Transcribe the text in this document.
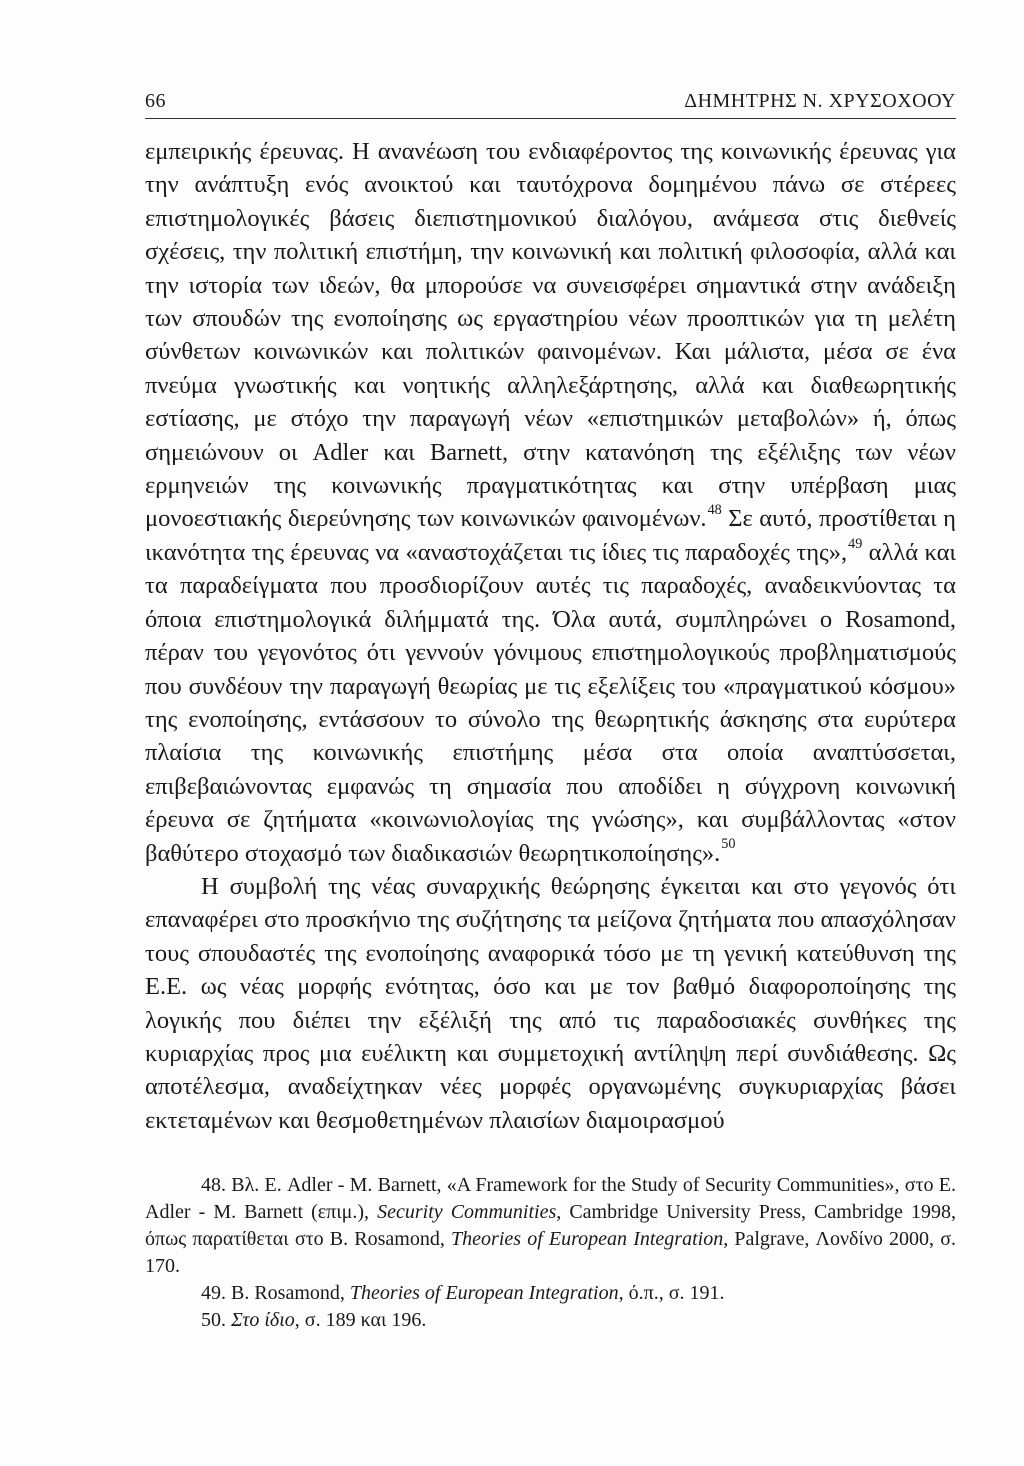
66	ΔΗΜΗΤΡΗΣ Ν. ΧΡΥΣΟΧΟΟΥ

εμπειρικής έρευνας. Η ανανέωση του ενδιαφέροντος της κοινωνικής έρευνας για την ανάπτυξη ενός ανοικτού και ταυτόχρονα δομημένου πάνω σε στέρεες επιστημολογικές βάσεις διεπιστημονικού διαλόγου, ανάμεσα στις διεθνείς σχέσεις, την πολιτική επιστήμη, την κοινωνική και πολιτική φιλοσοφία, αλλά και την ιστορία των ιδεών, θα μπορούσε να συνεισφέρει σημαντικά στην ανάδειξη των σπουδών της ενοποίησης ως εργαστηρίου νέων προοπτικών για τη μελέτη σύνθετων κοινωνικών και πολιτικών φαινομένων. Και μάλιστα, μέσα σε ένα πνεύμα γνωστικής και νοητικής αλληλεξάρτησης, αλλά και διαθεωρητικής εστίασης, με στόχο την παραγωγή νέων «επιστημικών μεταβολών» ή, όπως σημειώνουν οι Adler και Barnett, στην κατανόηση της εξέλιξης των νέων ερμηνειών της κοινωνικής πραγματικότητας και στην υπέρβαση μιας μονοεστιακής διερεύνησης των κοινωνικών φαινομένων.$^{48}$ Σε αυτό, προστίθεται η ικανότητα της έρευνας να «αναστοχάζεται τις ίδιες τις παραδοχές της»,$^{49}$ αλλά και τα παραδείγματα που προσδιορίζουν αυτές τις παραδοχές, αναδεικνύοντας τα όποια επιστημολογικά διλήμματά της. Όλα αυτά, συμπληρώνει ο Rosamond, πέραν του γεγονότος ότι γεννούν γόνιμους επιστημολογικούς προβληματισμούς που συνδέουν την παραγωγή θεωρίας με τις εξελίξεις του «πραγματικού κόσμου» της ενοποίησης, εντάσσουν το σύνολο της θεωρητικής άσκησης στα ευρύτερα πλαίσια της κοινωνικής επιστήμης μέσα στα οποία αναπτύσσεται, επιβεβαιώνοντας εμφανώς τη σημασία που αποδίδει η σύγχρονη κοινωνική έρευνα σε ζητήματα «κοινωνιολογίας της γνώσης», και συμβάλλοντας «στον βαθύτερο στοχασμό των διαδικασιών θεωρητικοποίησης».$^{50}$

Η συμβολή της νέας συναρχικής θεώρησης έγκειται και στο γεγονός ότι επαναφέρει στο προσκήνιο της συζήτησης τα μείζονα ζητήματα που απασχόλησαν τους σπουδαστές της ενοποίησης αναφορικά τόσο με τη γενική κατεύθυνση της Ε.Ε. ως νέας μορφής ενότητας, όσο και με τον βαθμό διαφοροποίησης της λογικής που διέπει την εξέλιξή της από τις παραδοσιακές συνθήκες της κυριαρχίας προς μια ευέλικτη και συμμετοχική αντίληψη περί συνδιάθεσης. Ως αποτέλεσμα, αναδείχτηκαν νέες μορφές οργανωμένης συγκυριαρχίας βάσει εκτεταμένων και θεσμοθετημένων πλαισίων διαμοιρασμού

48. Βλ. Ε. Adler - M. Barnett, «A Framework for the Study of Security Communities», στο E. Adler - M. Barnett (επιμ.), Security Communities, Cambridge University Press, Cambridge 1998, όπως παρατίθεται στο B. Rosamond, Theories of European Integration, Palgrave, Λονδίνο 2000, σ. 170.

49. B. Rosamond, Theories of European Integration, ό.π., σ. 191.

50. Στο ίδιο, σ. 189 και 196.
